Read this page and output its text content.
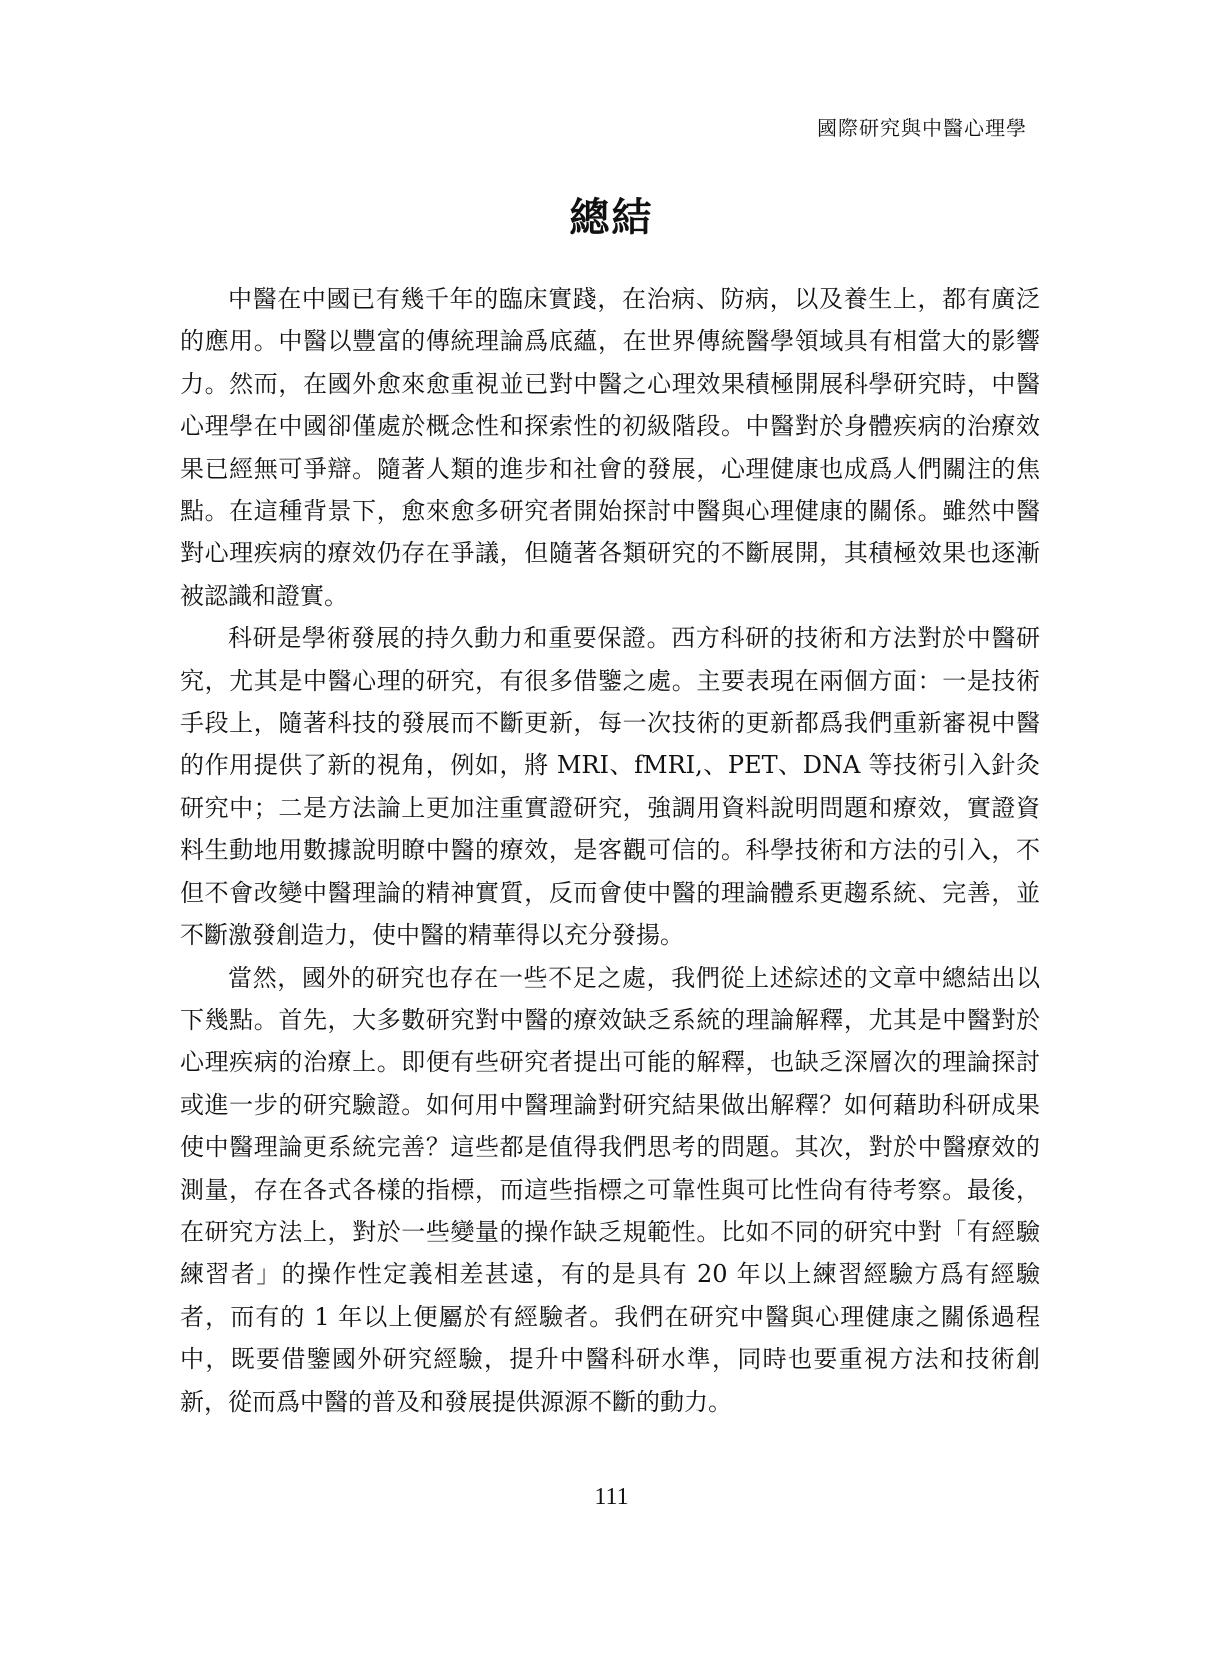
國際研究與中醫心理學
總結

中醫在中國已有幾千年的臨床實踐，在治病、防病，以及養生上，都有廣泛的應用。中醫以豐富的傳統理論爲底蘊，在世界傳統醫學領域具有相當大的影響力。然而，在國外愈來愈重視並已對中醫之心理效果積極開展科學研究時，中醫心理學在中國卻僅處於概念性和探索性的初級階段。中醫對於身體疾病的治療效果已經無可爭辯。隨著人類的進步和社會的發展，心理健康也成爲人們關注的焦點。在這種背景下，愈來愈多研究者開始探討中醫與心理健康的關係。雖然中醫對心理疾病的療效仍存在爭議，但隨著各類研究的不斷展開，其積極效果也逐漸被認識和證實。

科研是學術發展的持久動力和重要保證。西方科研的技術和方法對於中醫研究，尤其是中醫心理的研究，有很多借鑒之處。主要表現在兩個方面：一是技術手段上，隨著科技的發展而不斷更新，每一次技術的更新都爲我們重新審視中醫的作用提供了新的視角，例如，將 MRI、fMRI,、PET、DNA 等技術引入針灸研究中；二是方法論上更加注重實證研究，強調用資料說明問題和療效，實證資料生動地用數據說明瞭中醫的療效，是客觀可信的。科學技術和方法的引入，不但不會改變中醫理論的精神實質，反而會使中醫的理論體系更趨系統、完善，並不斷激發創造力，使中醫的精華得以充分發揚。

當然，國外的研究也存在一些不足之處，我們從上述綜述的文章中總結出以下幾點。首先，大多數研究對中醫的療效缺乏系統的理論解釋，尤其是中醫對於心理疾病的治療上。即便有些研究者提出可能的解釋，也缺乏深層次的理論探討或進一步的研究驗證。如何用中醫理論對研究結果做出解釋？如何藉助科研成果使中醫理論更系統完善？這些都是值得我們思考的問題。其次，對於中醫療效的測量，存在各式各樣的指標，而這些指標之可靠性與可比性尙有待考察。最後，在研究方法上，對於一些變量的操作缺乏規範性。比如不同的研究中對「有經驗練習者」的操作性定義相差甚遠，有的是具有 20 年以上練習經驗方爲有經驗者，而有的 1 年以上便屬於有經驗者。我們在研究中醫與心理健康之關係過程中，既要借鑒國外研究經驗，提升中醫科研水準，同時也要重視方法和技術創新，從而爲中醫的普及和發展提供源源不斷的動力。

111
